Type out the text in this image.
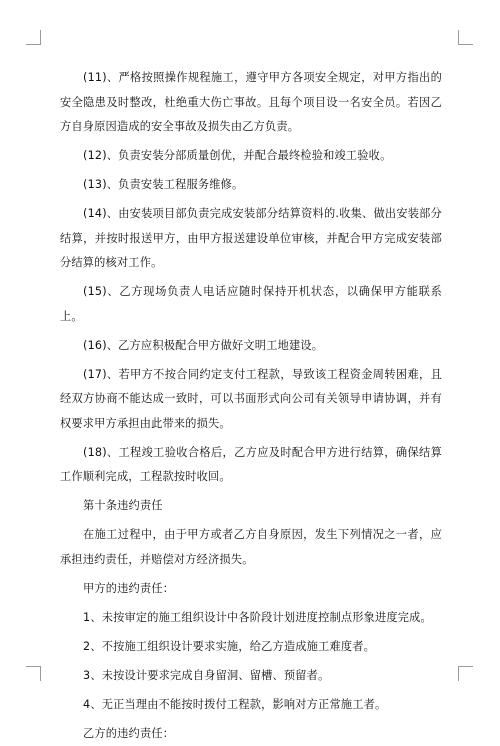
(11)、严格按照操作规程施工，遵守甲方各项安全规定，对甲方指出的安全隐患及时整改，杜绝重大伤亡事故。且每个项目设一名安全员。若因乙方自身原因造成的安全事故及损失由乙方负责。

(12)、负责安装分部质量创优，并配合最终检验和竣工验收。

(13)、负责安装工程服务维修。

(14)、由安装项目部负责完成安装部分结算资料的.收集、做出安装部分结算，并按时报送甲方，由甲方报送建设单位审核，并配合甲方完成安装部分结算的核对工作。

(15)、乙方现场负责人电话应随时保持开机状态，以确保甲方能联系上。

(16)、乙方应积极配合甲方做好文明工地建设。

(17)、若甲方不按合同约定支付工程款，导致该工程资金周转困难，且经双方协商不能达成一致时，可以书面形式向公司有关领导申请协调，并有权要求甲方承担由此带来的损失。

(18)、工程竣工验收合格后，乙方应及时配合甲方进行结算，确保结算工作顺利完成，工程款按时收回。

第十条违约责任

在施工过程中，由于甲方或者乙方自身原因，发生下列情况之一者，应承担违约责任，并赔偿对方经济损失。

甲方的违约责任：

1、未按审定的施工组织设计中各阶段计划进度控制点形象进度完成。

2、不按施工组织设计要求实施，给乙方造成施工难度者。

3、未按设计要求完成自身留洞、留槽、预留者。

4、无正当理由不能按时拨付工程款，影响对方正常施工者。

乙方的违约责任：
